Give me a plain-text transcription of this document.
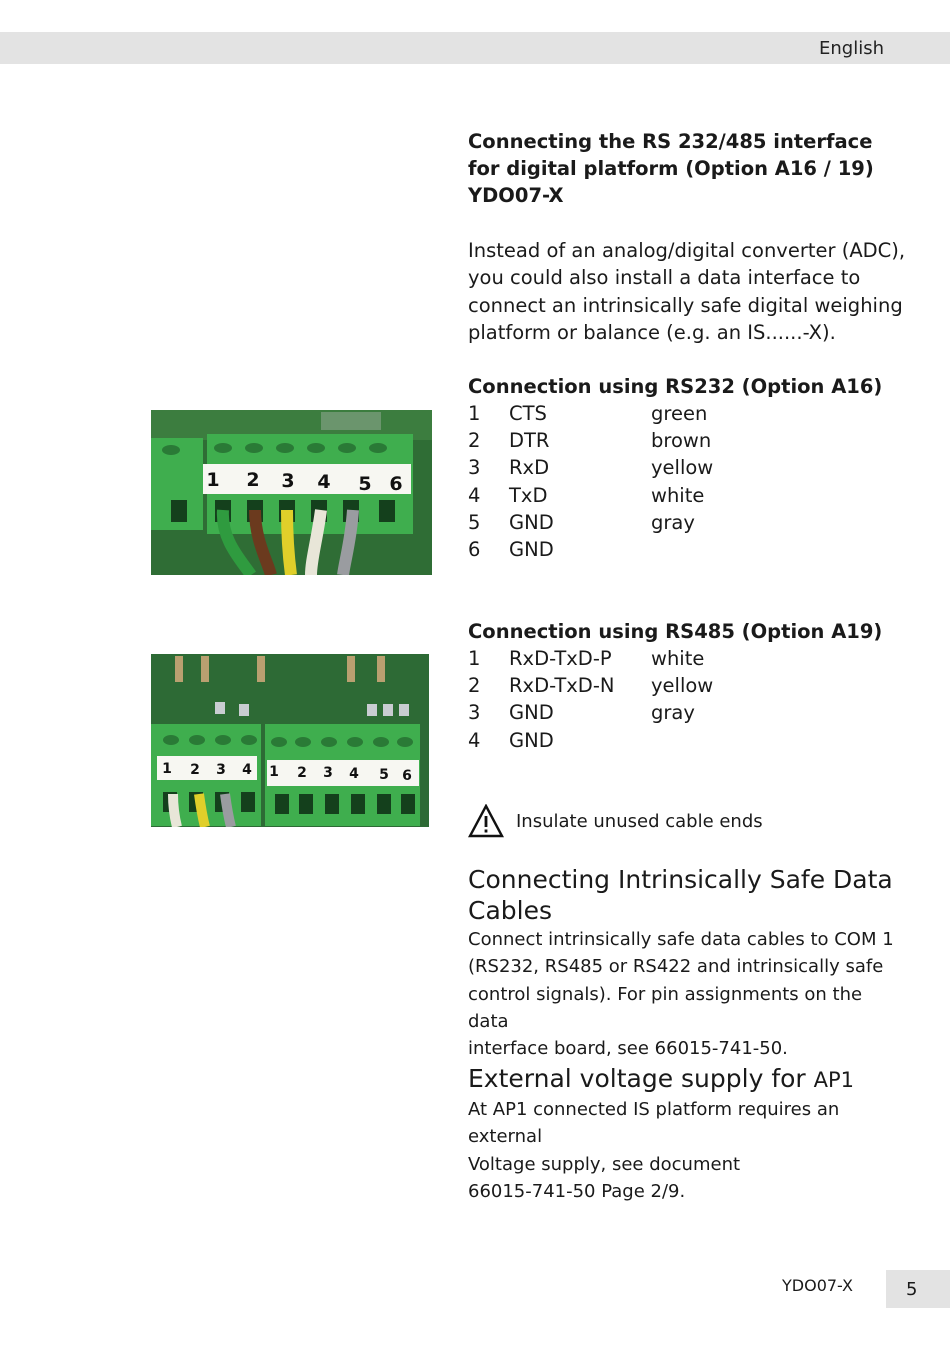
English

Connecting the RS 232/485 interface

for digital platform (Option A16 / 19)

YDO07-X

Instead of an analog/digital converter (ADC),

you could also install a data interface to

connect an intrinsically safe digital weighing

platform or balance (e.g. an IS......-X).

Connection using RS232 (Option A16)

1	CTS	green
2	DTR	brown
3	RxD	yellow
4	TxD	white
5	GND	gray
6	GND	
1 2 3 4 5 6

Connection using RS485 (Option A19)

1	RxD-TxD-P	white
2	RxD-TxD-N	yellow
3	GND	gray
4	GND	
1 2 3 4 1 2 3 4 5 6
Insulate unused cable ends

Connecting Intrinsically Safe Data

Cables

Connect intrinsically safe data cables to COM 1

(RS232, RS485 or RS422 and intrinsically safe

control signals). For pin assignments on the data

interface board, see 66015-741-50.

External voltage supply for AP1

At AP1 connected IS platform requires an external

Voltage supply, see document

66015-741-50 Page 2/9.

YDO07-X	5
